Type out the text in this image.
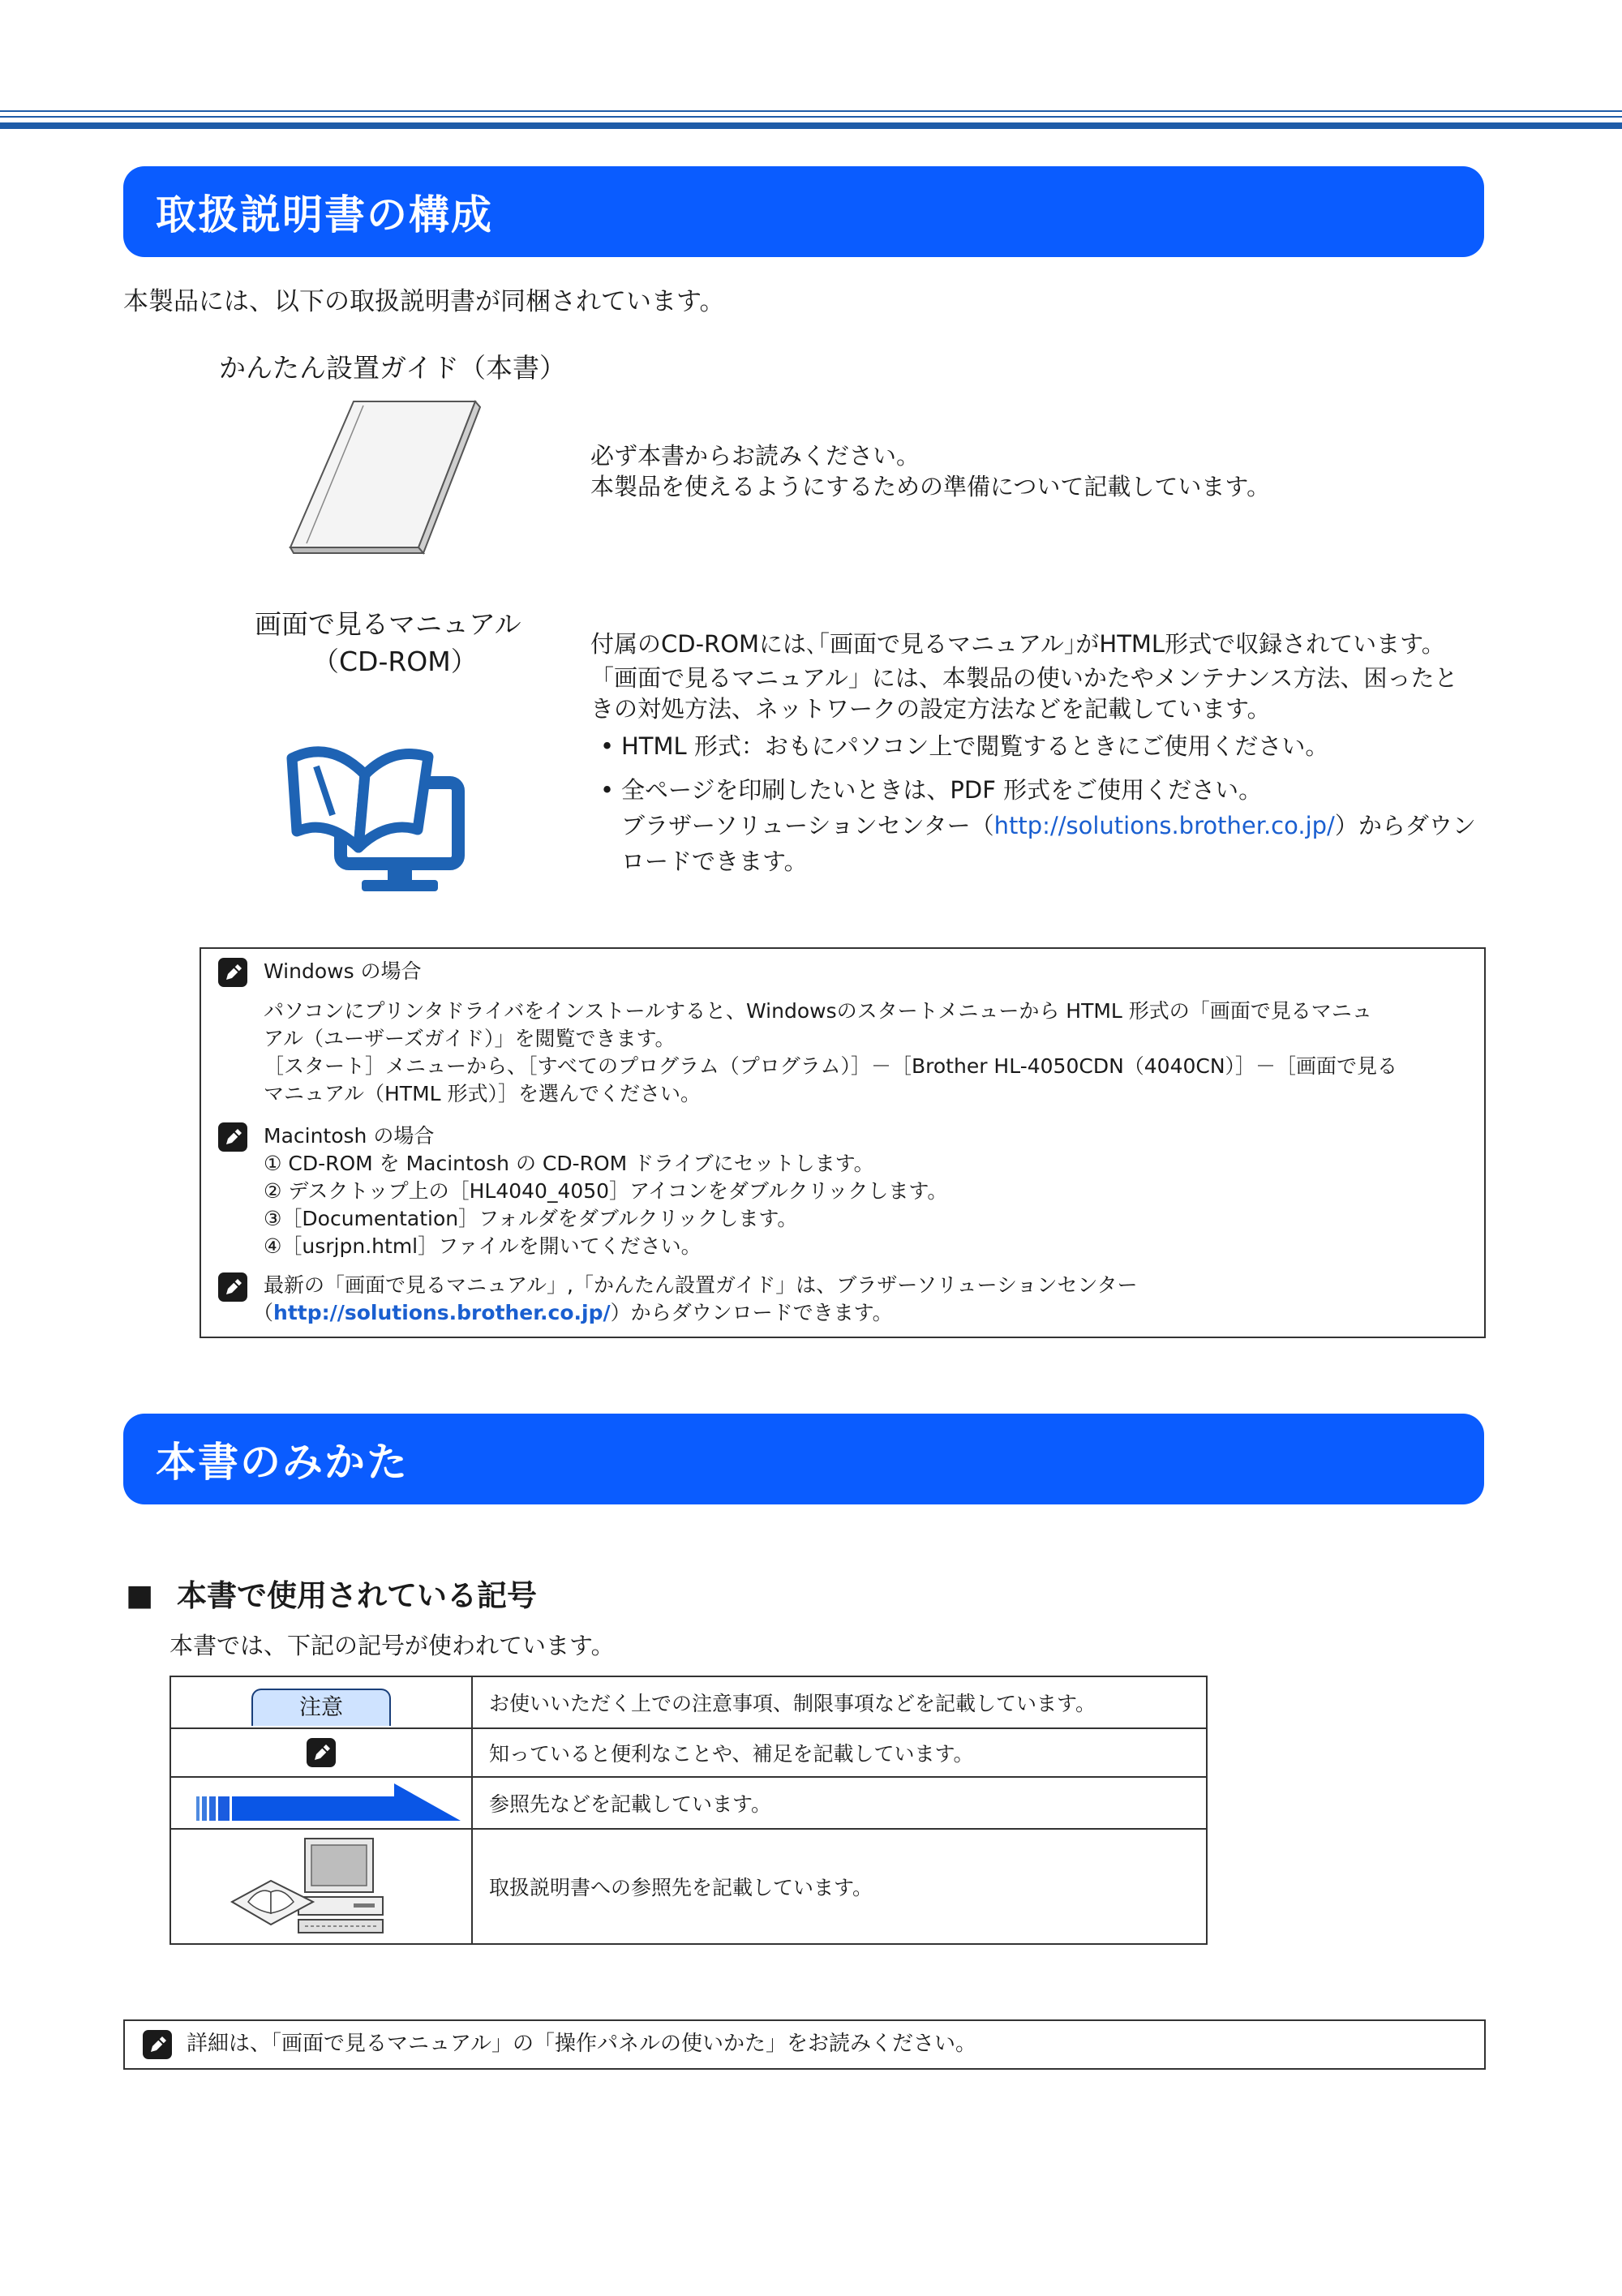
取扱説明書の構成
本製品には、以下の取扱説明書が同梱されています。
かんたん設置ガイド（本書）
必ず本書からお読みください。
本製品を使えるようにするための準備について記載しています。
画面で見るマニュアル
（CD-ROM）
付属のCD-ROMには､｢画面で見るマニュアル｣がHTML形式で収録されています。
「画面で見るマニュアル」には、本製品の使いかたやメンテナンス方法、困ったと
きの対処方法、ネットワークの設定方法などを記載しています。
• HTML 形式：おもにパソコン上で閲覧するときにご使用ください。
• 全ページを印刷したいときは、PDF 形式をご使用ください。
ブラザーソリューションセンター（http://solutions.brother.co.jp/）からダウン
ロードできます。
Windows の場合
パソコンにプリンタドライバをインストールすると、Windowsのスタートメニューから HTML 形式の「画面で見るマニュ
アル（ユーザーズガイド）」を閲覧できます。
［スタート］メニューから、［すべてのプログラム（プログラム）］－［Brother HL-4050CDN（4040CN）］－［画面で見る
マニュアル（HTML 形式）］を選んでください。
Macintosh の場合
① CD-ROM を Macintosh の CD-ROM ドライブにセットします。
② デスクトップ上の［HL4040_4050］アイコンをダブルクリックします。
③［Documentation］フォルダをダブルクリックします。
④［usrjpn.html］ファイルを開いてください。
最新の「画面で見るマニュアル」,「かんたん設置ガイド」は、ブラザーソリューションセンター
（http://solutions.brother.co.jp/）からダウンロードできます。
本書のみかた
■ 本書で使用されている記号
本書では、下記の記号が使われています。
注意	お使いいただく上での注意事項、制限事項などを記載しています。
	知っていると便利なことや、補足を記載しています。
	参照先などを記載しています。
	取扱説明書への参照先を記載しています。
詳細は、「画面で見るマニュアル」の「操作パネルの使いかた」をお読みください。
